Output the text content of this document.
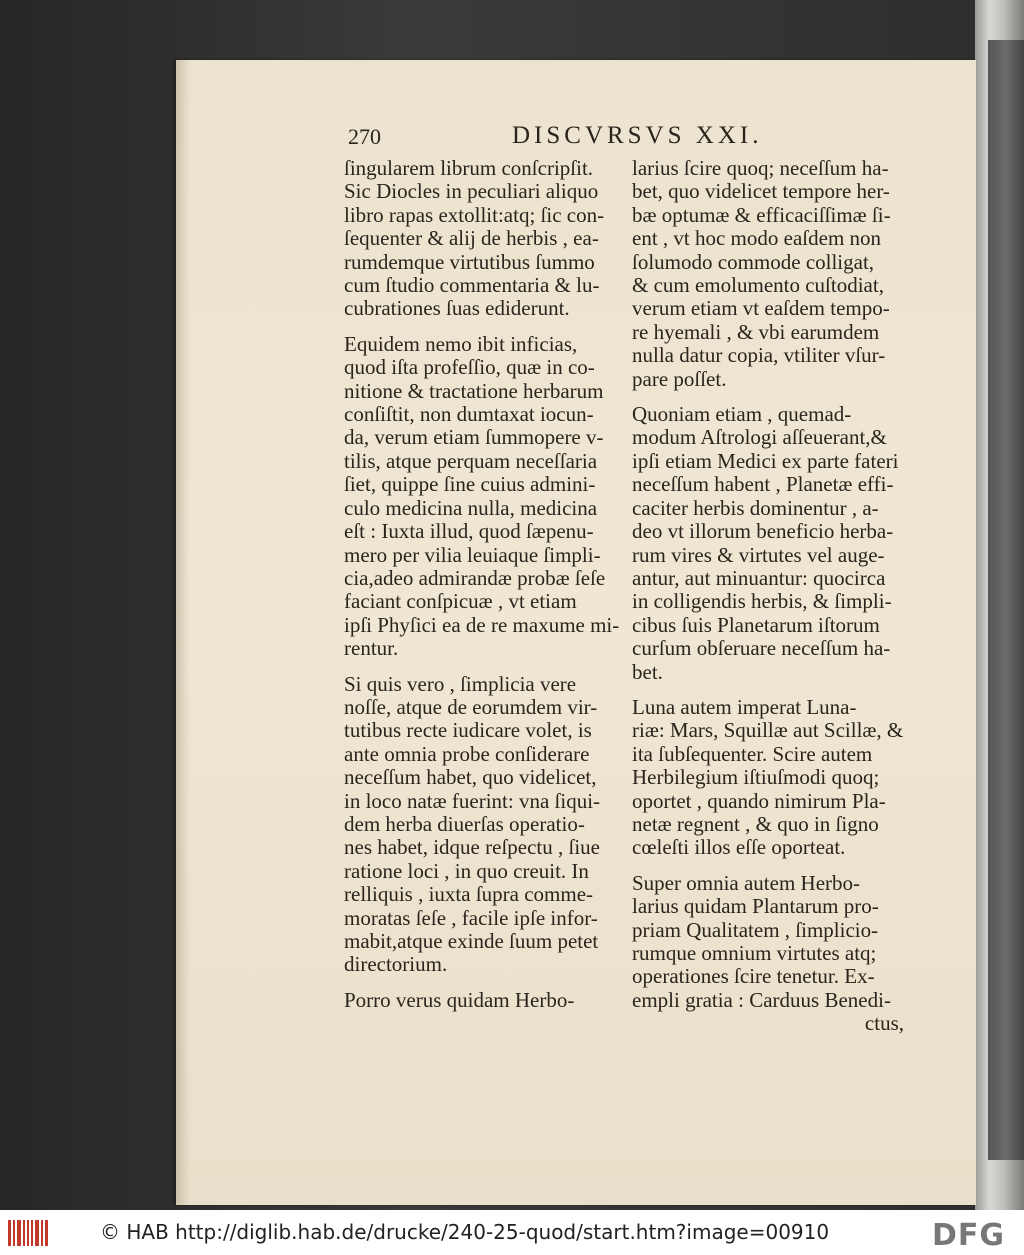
270	DISCVRSVS XXI.
ſingularem librum conſcripſit.
Sic Diocles in peculiari aliquo
libro rapas extollit:atq; ſic con-
ſequenter & alij de herbis , ea-
rumdemque virtutibus ſummo
cum ſtudio commentaria & lu-
cubrationes ſuas ediderunt.
Equidem nemo ibit inficias,
quod iſta profeſſio, quæ in co-
nitione & tractatione herbarum
conſiſtit, non dumtaxat iocun-
da, verum etiam ſummopere v-
tilis, atque perquam neceſſaria
ſiet, quippe ſine cuius admini-
culo medicina nulla, medicina
eſt : Iuxta illud, quod ſæpenu-
mero per vilia leuiaque ſimpli-
cia,adeo admirandæ probæ ſeſe
faciant conſpicuæ , vt etiam
ipſi Phyſici ea de re maxume mi-
rentur.
Si quis vero , ſimplicia vere
noſſe, atque de eorumdem vir-
tutibus recte iudicare volet, is
ante omnia probe conſiderare
neceſſum habet, quo videlicet,
in loco natæ fuerint: vna ſiqui-
dem herba diuerſas operatio-
nes habet, idque reſpectu , ſiue
ratione loci , in quo creuit. In
relliquis , iuxta ſupra comme-
moratas ſeſe , facile ipſe infor-
mabit,atque exinde ſuum petet
directorium.
Porro verus quidam Herbo-
larius ſcire quoq; neceſſum ha-
bet, quo videlicet tempore her-
bæ optumæ & efficaciſſimæ ſi-
ent , vt hoc modo eaſdem non
ſolumodo commode colligat,
& cum emolumento cuſtodiat,
verum etiam vt eaſdem tempo-
re hyemali , & vbi earumdem
nulla datur copia, vtiliter vſur-
pare poſſet.
Quoniam etiam , quemad-
modum Aſtrologi aſſeuerant,&
ipſi etiam Medici ex parte fateri
neceſſum habent , Planetæ effi-
caciter herbis dominentur , a-
deo vt illorum beneficio herba-
rum vires & virtutes vel auge-
antur, aut minuantur: quocirca
in colligendis herbis, & ſimpli-
cibus ſuis Planetarum iſtorum
curſum obſeruare neceſſum ha-
bet.
Luna autem imperat Luna-
riæ: Mars, Squillæ aut Scillæ, &
ita ſubſequenter. Scire autem
Herbilegium iſtiuſmodi quoq;
oportet , quando nimirum Pla-
netæ regnent , & quo in ſigno
cœleſti illos eſſe oporteat.
Super omnia autem Herbo-
larius quidam Plantarum pro-
priam Qualitatem , ſimplicio-
rumque omnium virtutes atq;
operationes ſcire tenetur. Ex-
empli gratia : Carduus Benedi-
ctus,
© HAB http://diglib.hab.de/drucke/240-25-quod/start.htm?image=00910	DFG
